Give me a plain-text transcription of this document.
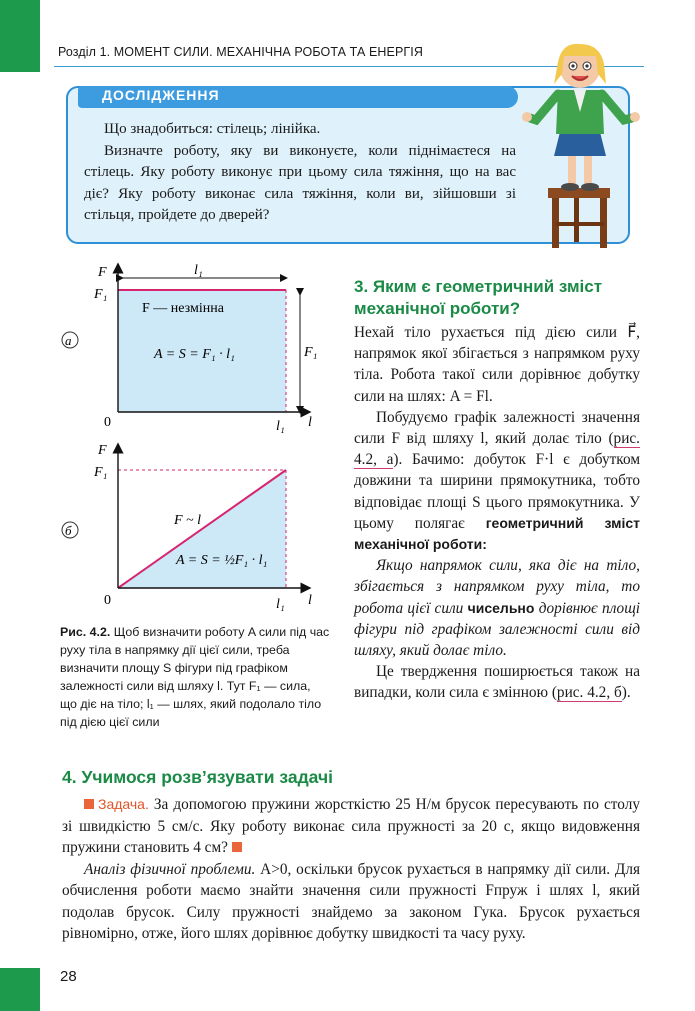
Розділ 1. МОМЕНТ СИЛИ. МЕХАНІЧНА РОБОТА ТА ЕНЕРГІЯ
ДОСЛІДЖЕННЯ

Що знадобиться: стілець; лінійка.

Визначте роботу, яку ви виконуєте, коли піднімаєтеся на стілець. Яку роботу виконує при цьому сила тяжіння, що на вас діє? Яку роботу виконає сила тяжіння, коли ви, зійшовши зі стільця, пройдете до дверей?

F
F₁
l₁
F₁
F — незмінна
A = S = F₁ · l₁
0	l₁ l
а
F
F₁
F ~ l
A = S = ½F₁ · l₁
0	l₁ l
б
Рис. 4.2. Щоб визначити роботу A сили під час руху тіла в напрямку дії цієї сили, треба визначити площу S фігури під графіком залежності сили від шляху l. Тут F₁ — сила, що діє на тіло; l₁ — шлях, який подолало тіло під дією цієї сили
3. Яким є геометричний зміст механічної роботи?

Нехай тіло рухається під дією сили F⃗, напрямок якої збігається з напрямком руху тіла. Робота такої сили дорівнює добутку сили на шлях: A = Fl.

Побудуємо графік залежності значення сили F від шляху l, який долає тіло (рис. 4.2, а). Бачимо: добуток F·l є добутком довжини та ширини прямокутника, тобто відповідає площі S цього прямокутника. У цьому полягає геометричний зміст механічної роботи:

Якщо напрямок сили, яка діє на тіло, збігається з напрямком руху тіла, то робота цієї сили чисельно дорівнює площі фігури під графіком залежності сили від шляху, який долає тіло.

Це твердження поширюється також на випадки, коли сила є змінною (рис. 4.2, б).

4. Учимося розв’язувати задачі

Задача. За допомогою пружини жорсткістю 25 Н/м брусок пересувають по столу зі швидкістю 5 см/с. Яку роботу виконає сила пружності за 20 с, якщо видовження пружини становить 4 см?

Аналіз фізичної проблеми. A>0, оскільки брусок рухається в напрямку дії сили. Для обчислення роботи маємо знайти значення сили пружності Fпруж і шлях l, який подолав брусок. Силу пружності знайдемо за законом Гука. Брусок рухається рівномірно, отже, його шлях дорівнює добутку швидкості та часу руху.

28
